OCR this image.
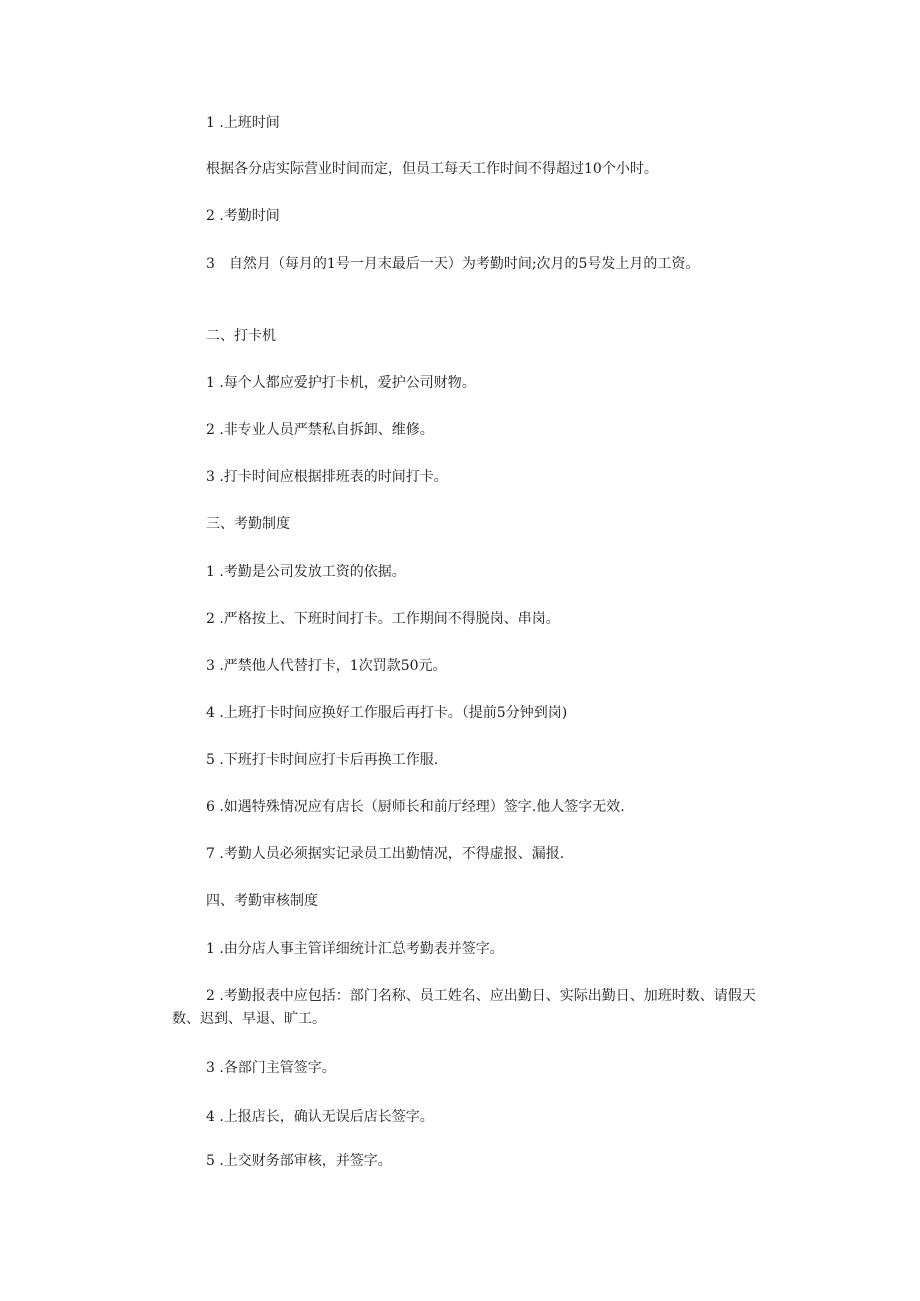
1 .上班时间

根据各分店实际营业时间而定，但员工每天工作时间不得超过10个小时。

2 .考勤时间

3　自然月（每月的1号一月末最后一天）为考勤时间;次月的5号发上月的工资。

二、打卡机

1 .每个人都应爱护打卡机，爱护公司财物。

2 .非专业人员严禁私自拆卸、维修。

3 .打卡时间应根据排班表的时间打卡。

三、考勤制度

1 .考勤是公司发放工资的依据。

2 .严格按上、下班时间打卡。工作期间不得脱岗、串岗。

3 .严禁他人代替打卡，1次罚款50元。

4 .上班打卡时间应换好工作服后再打卡。（提前5分钟到岗)

5 .下班打卡时间应打卡后再换工作服.

6 .如遇特殊情况应有店长（厨师长和前厅经理）签字.他人签字无效.

7 .考勤人员必须据实记录员工出勤情况，不得虚报、漏报.

四、考勤审核制度

1 .由分店人事主管详细统计汇总考勤表并签字。

2 .考勤报表中应包括：部门名称、员工姓名、应出勤日、实际出勤日、加班时数、请假天数、迟到、早退、旷工。

3 .各部门主管签字。

4 .上报店长，确认无误后店长签字。

5 .上交财务部审核，并签字。
